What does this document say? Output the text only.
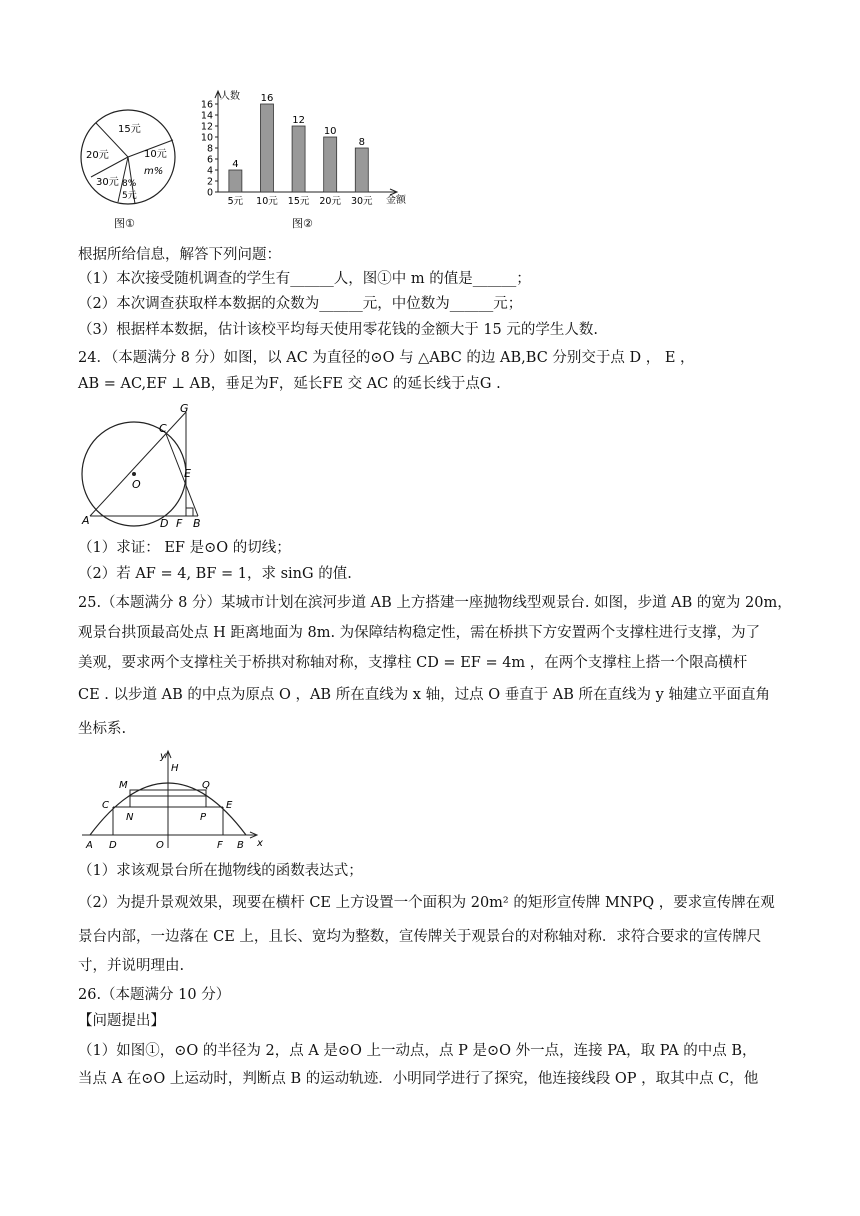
15元
10元
m%
20元
30元 8%
5元
图①
0
2
4
6
8
10
12
14
16
4
5元
16
10元
12
15元
10
20元
8
30元
人数
金额
图②
根据所给信息，解答下列问题：
（1）本次接受随机调查的学生有______人，图①中 m 的值是______；
（2）本次调查获取样本数据的众数为______元，中位数为______元；
（3）根据样本数据，估计该校平均每天使用零花钱的金额大于 15 元的学生人数.
24．（本题满分 8 分）如图，以 AC 为直径的⊙O 与 △ABC 的边 AB,BC 分别交于点 D ， E ，
AB = AC,EF ⊥ AB，垂足为F，延长FE 交 AC 的延长线于点G .
G
C
E
O
A	D F B
（1）求证： EF 是⊙O 的切线；
（2）若 AF = 4, BF = 1，求 sinG 的值.
25.（本题满分 8 分）某城市计划在滨河步道 AB 上方搭建一座抛物线型观景台. 如图，步道 AB 的宽为 20m，
观景台拱顶最高处点 H 距离地面为 8m. 为保障结构稳定性，需在桥拱下方安置两个支撑柱进行支撑，为了
美观，要求两个支撑柱关于桥拱对称轴对称，支撑柱 CD = EF = 4m ，在两个支撑柱上搭一个限高横杆
CE . 以步道 AB 的中点为原点 O ，AB 所在直线为 x 轴，过点 O 垂直于 AB 所在直线为 y 轴建立平面直角
坐标系.
y
H
M	Q
C	E
N	P
A D	O	F B x
（1）求该观景台所在抛物线的函数表达式；
（2）为提升景观效果，现要在横杆 CE 上方设置一个面积为 20m² 的矩形宣传牌 MNPQ ，要求宣传牌在观
景台内部，一边落在 CE 上，且长、宽均为整数，宣传牌关于观景台的对称轴对称．求符合要求的宣传牌尺
寸，并说明理由.
26.（本题满分 10 分）
【问题提出】
（1）如图①，⊙O 的半径为 2，点 A 是⊙O 上一动点，点 P 是⊙O 外一点，连接 PA，取 PA 的中点 B，
当点 A 在⊙O 上运动时，判断点 B 的运动轨迹．小明同学进行了探究，他连接线段 OP ，取其中点 C，他
